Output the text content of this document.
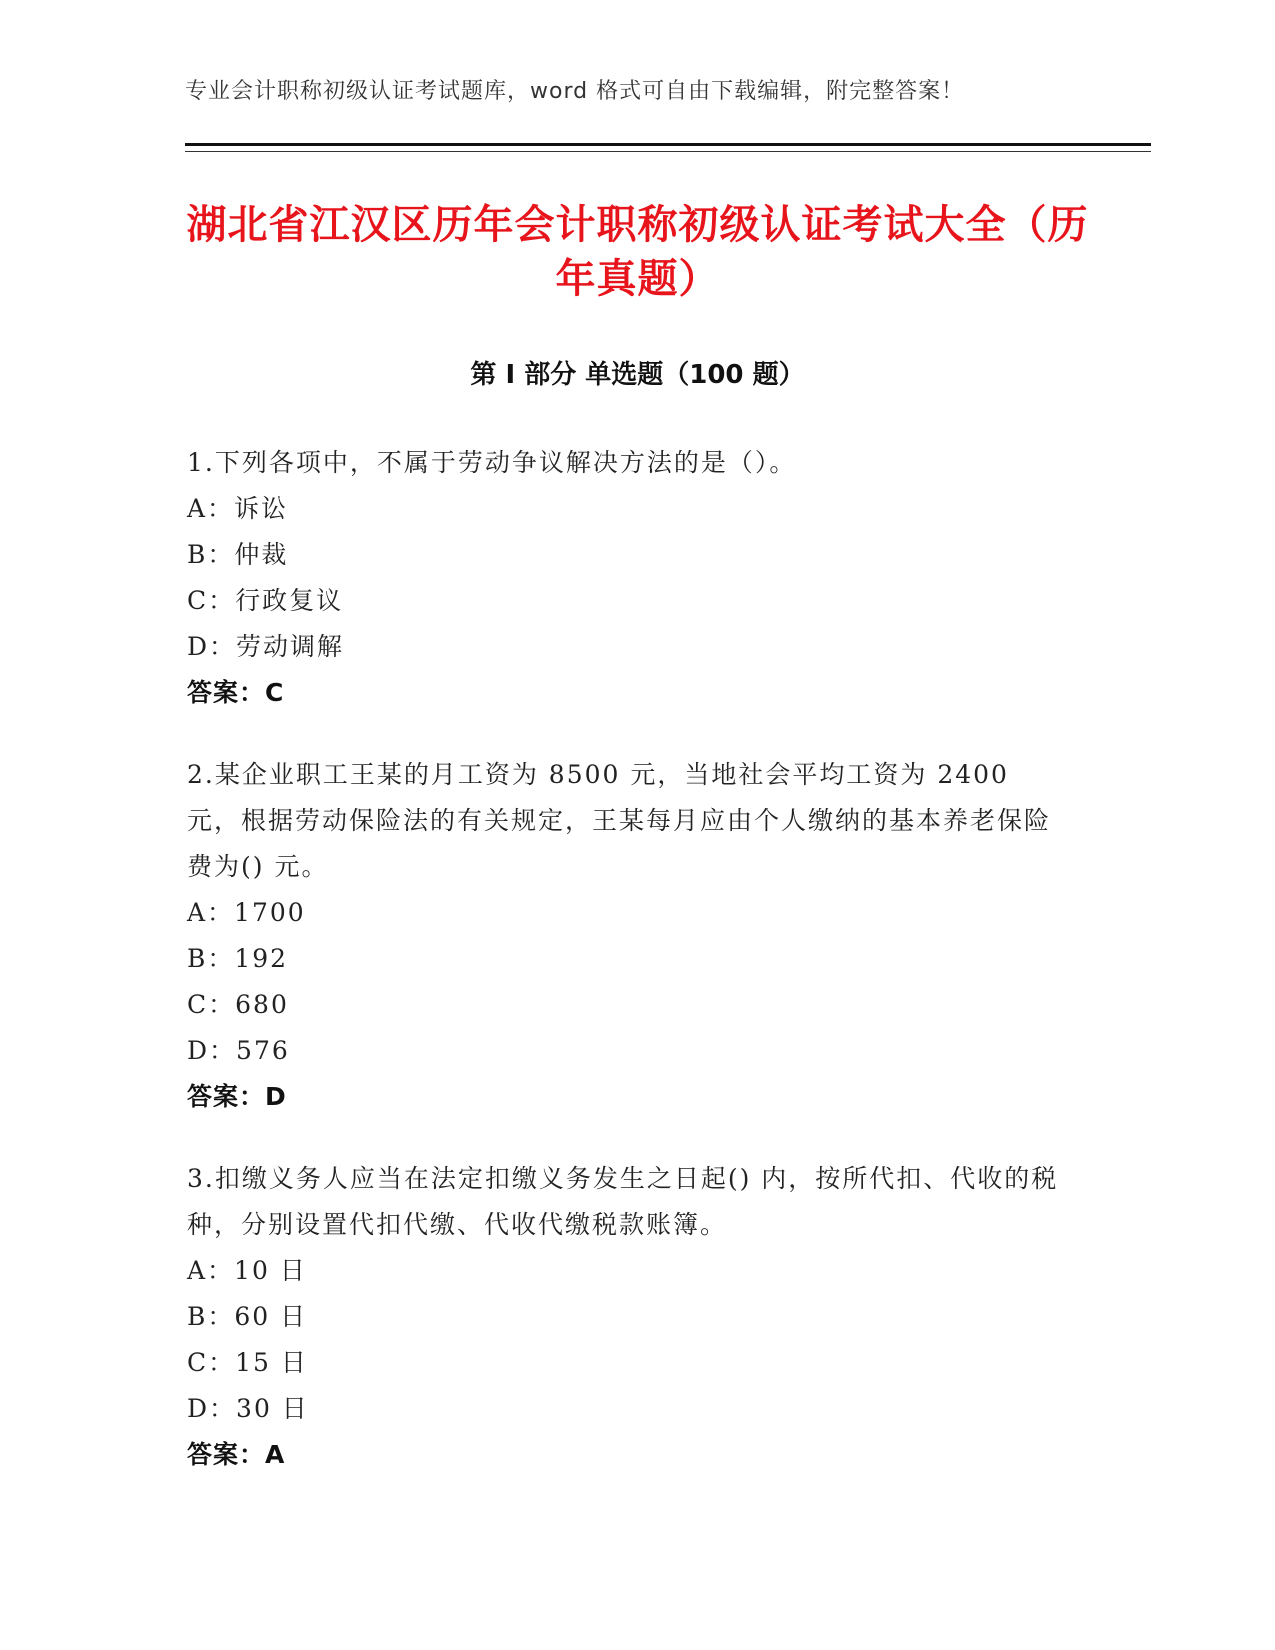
专业会计职称初级认证考试题库，word 格式可自由下载编辑，附完整答案！
湖北省江汉区历年会计职称初级认证考试大全（历年真题）
第 I 部分 单选题（100 题）

1.下列各项中，不属于劳动争议解决方法的是（）。

A：诉讼

B：仲裁

C：行政复议

D：劳动调解

答案：C

2.某企业职工王某的月工资为 8500 元，当地社会平均工资为 2400 元，根据劳动保险法的有关规定，王某每月应由个人缴纳的基本养老保险费为() 元。

A：1700

B：192

C：680

D：576

答案：D

3.扣缴义务人应当在法定扣缴义务发生之日起() 内，按所代扣、代收的税种，分别设置代扣代缴、代收代缴税款账簿。

A：10 日

B：60 日

C：15 日

D：30 日

答案：A
